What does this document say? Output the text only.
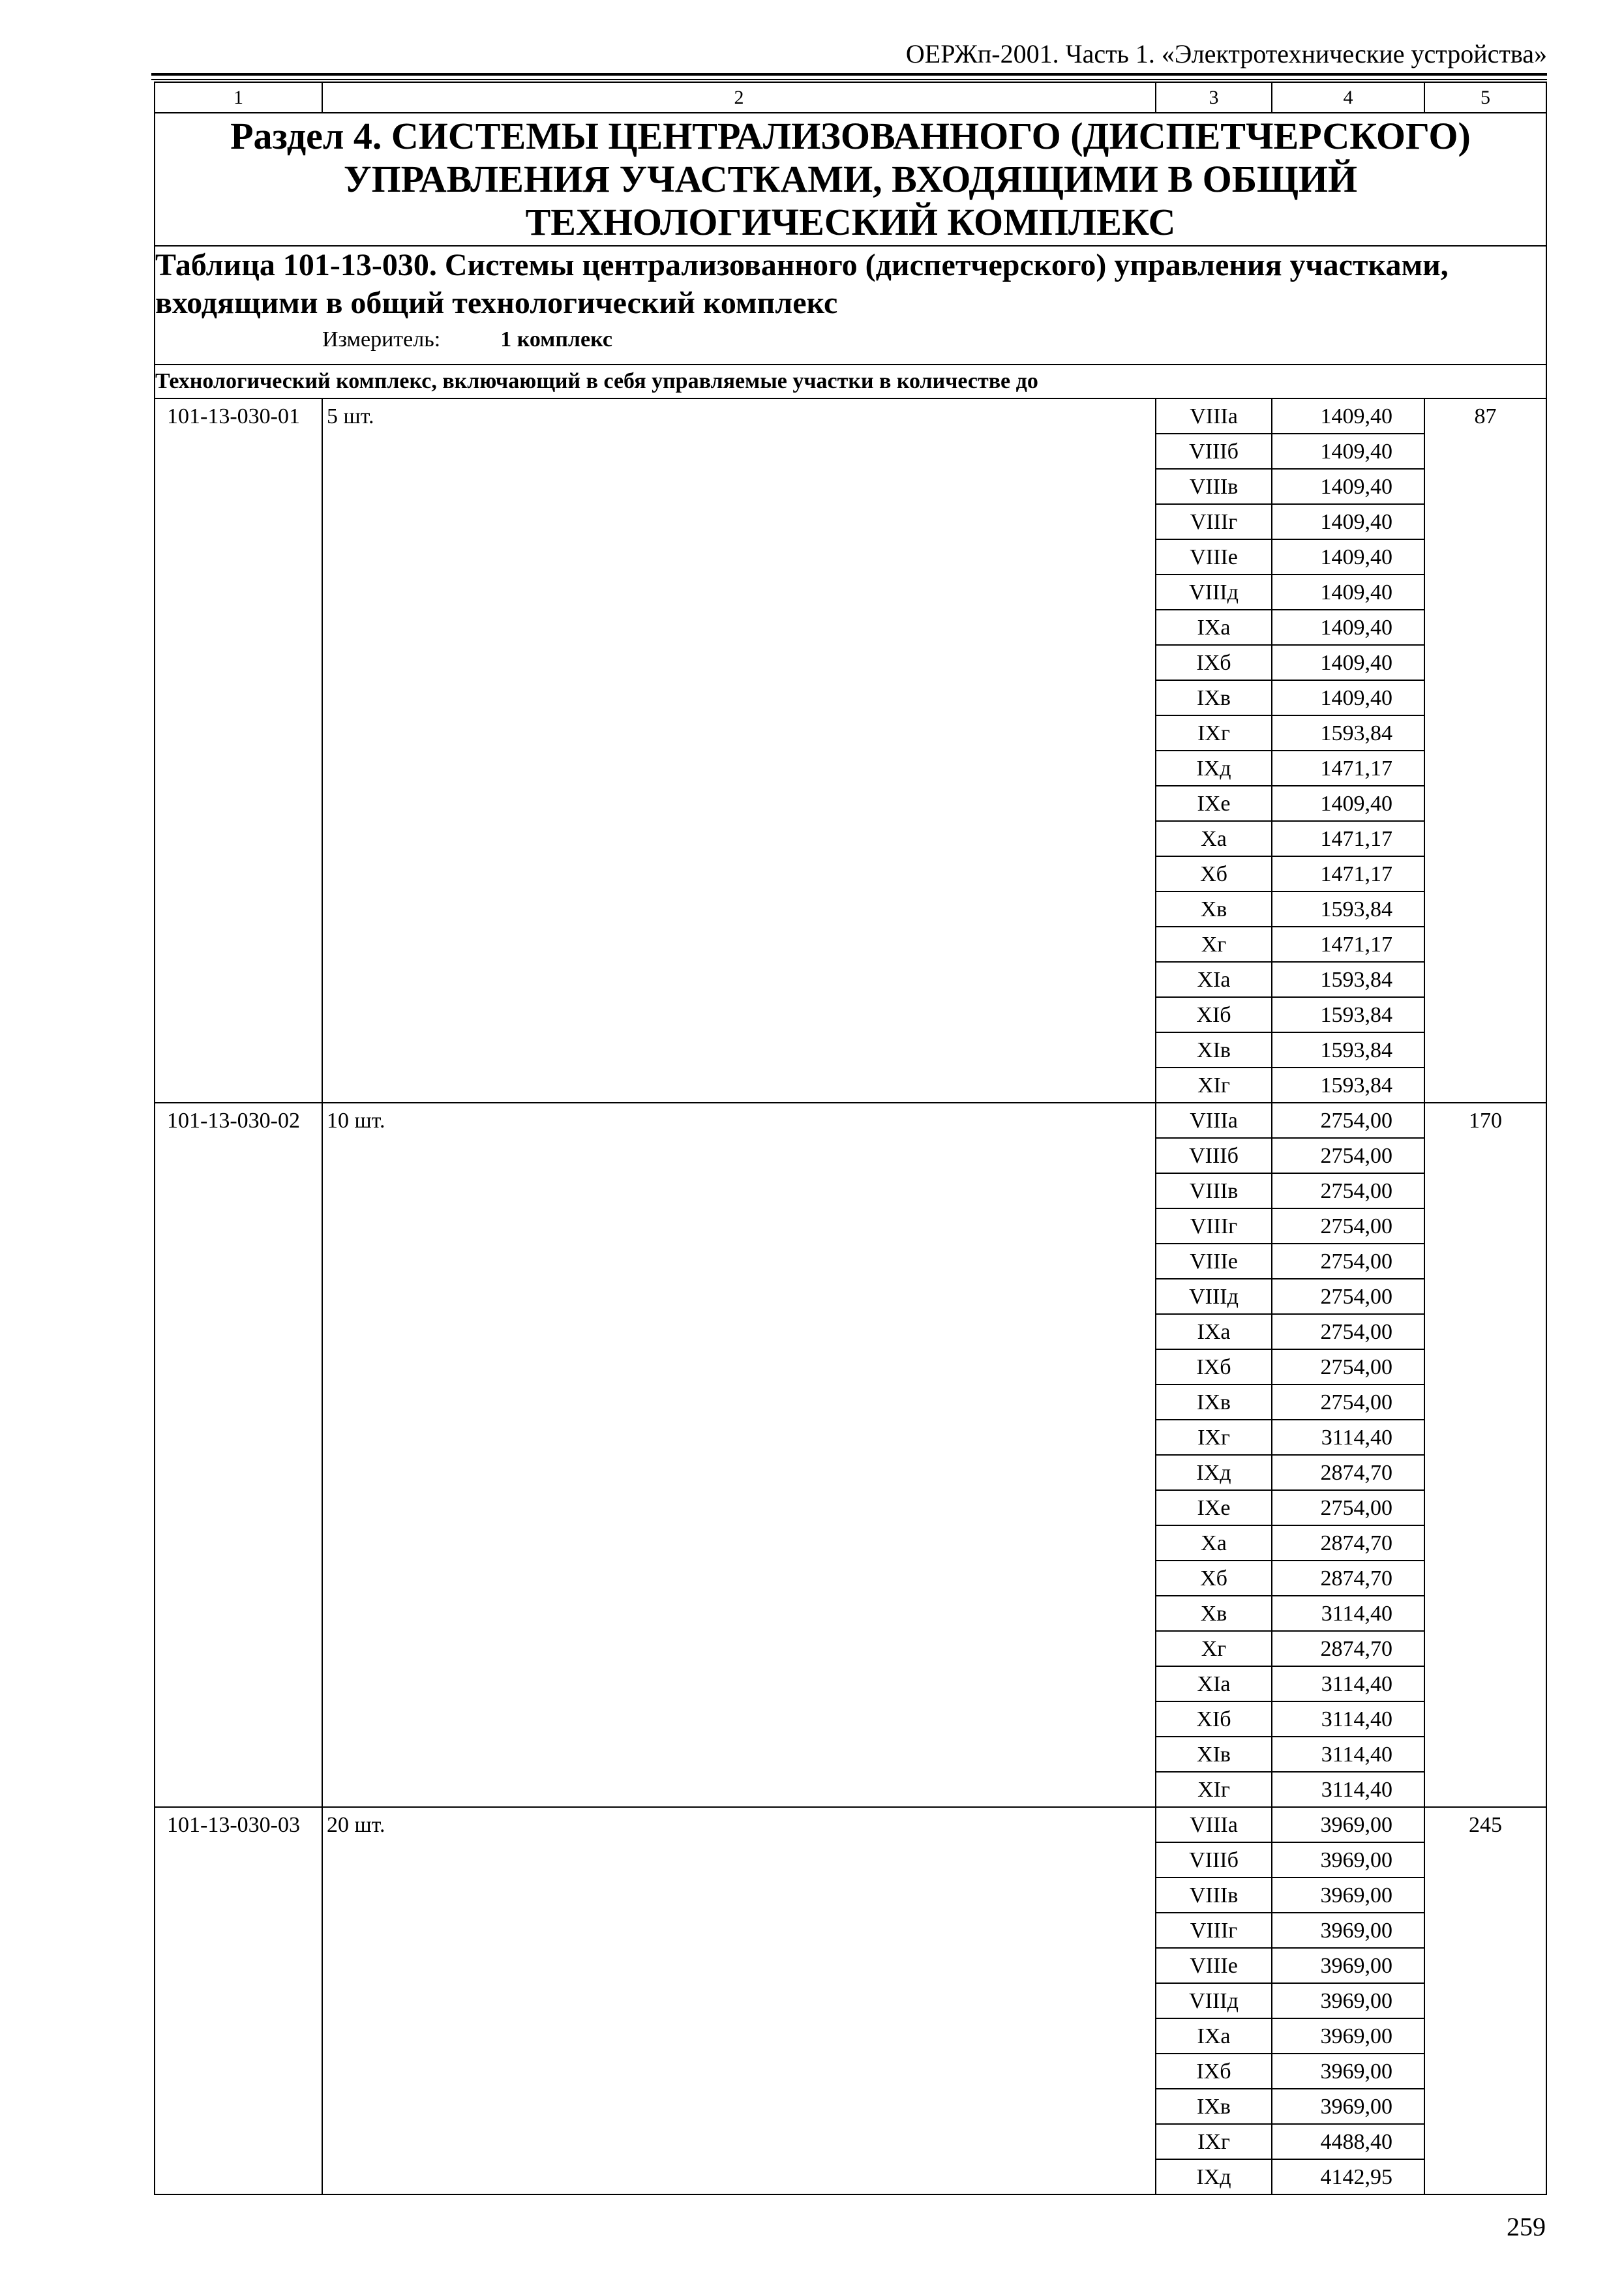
ОЕРЖп-2001. Часть 1. «Электротехнические устройства»
1	2	3	4	5
Раздел 4. СИСТЕМЫ ЦЕНТРАЛИЗОВАННОГО (ДИСПЕТЧЕРСКОГО) УПРАВЛЕНИЯ УЧАСТКАМИ, ВХОДЯЩИМИ В ОБЩИЙ ТЕХНОЛОГИЧЕСКИЙ КОМПЛЕКС				

Таблица 101-13-030. Системы централизованного (диспетчерского) управления участками, входящими в общий технологический комплекс
Измеритель: 1 комплекс				

Технологический комплекс, включающий в себя управляемые участки в количестве до				
101-13-030-01	5 шт.	VIIIа	1409,40	87
		VIIIб	1409,40	
		VIIIв	1409,40	
		VIIIг	1409,40	
		VIIIе	1409,40	
		VIIIд	1409,40	
		IXа	1409,40	
		IXб	1409,40	
		IXв	1409,40	
		IXг	1593,84	
		IXд	1471,17	
		IXе	1409,40	
		Xа	1471,17	
		Xб	1471,17	
		Xв	1593,84	
		Xг	1471,17	
		XIа	1593,84	
		XIб	1593,84	
		XIв	1593,84	
		XIг	1593,84	
101-13-030-02	10 шт.	VIIIа	2754,00	170
		VIIIб	2754,00	
		VIIIв	2754,00	
		VIIIг	2754,00	
		VIIIе	2754,00	
		VIIIд	2754,00	
		IXа	2754,00	
		IXб	2754,00	
		IXв	2754,00	
		IXг	3114,40	
		IXд	2874,70	
		IXе	2754,00	
		Xа	2874,70	
		Xб	2874,70	
		Xв	3114,40	
		Xг	2874,70	
		XIа	3114,40	
		XIб	3114,40	
		XIв	3114,40	
		XIг	3114,40	
101-13-030-03	20 шт.	VIIIа	3969,00	245
		VIIIб	3969,00	
		VIIIв	3969,00	
		VIIIг	3969,00	
		VIIIе	3969,00	
		VIIIд	3969,00	
		IXа	3969,00	
		IXб	3969,00	
		IXв	3969,00	
		IXг	4488,40	
		IXд	4142,95	
259
